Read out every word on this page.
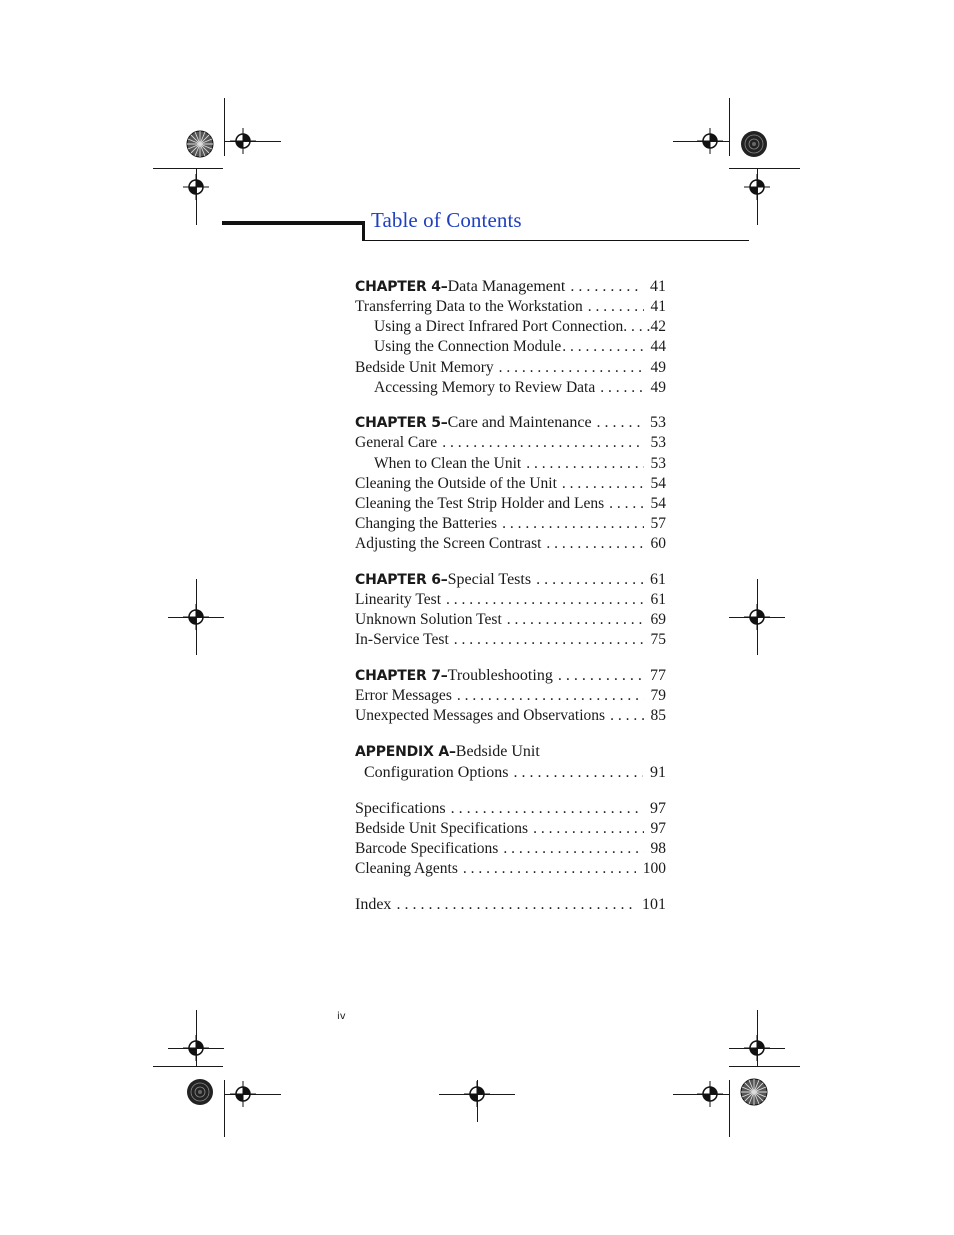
Table of Contents
CHAPTER 4–Data Management . . .	41
Transferring Data to the Workstation . . .	41
Using a Direct Infrared Port Connection . . . 42
Using the Connection Module . . .	44
Bedside Unit Memory . . .	49
Accessing Memory to Review Data . . .	49
CHAPTER 5–Care and Maintenance . . .	53
General Care . . .	53
When to Clean the Unit . . .	53
Cleaning the Outside of the Unit . . .	54
Cleaning the Test Strip Holder and Lens . . .	54
Changing the Batteries . . .	57
Adjusting the Screen Contrast . . .	60
CHAPTER 6–Special Tests . . .	61
Linearity Test . . .	61
Unknown Solution Test . . .	69
In-Service Test . . .	75
CHAPTER 7–Troubleshooting . . .	77
Error Messages . . .	79
Unexpected Messages and Observations . . .	85
APPENDIX A–Bedside Unit
Configuration Options . . .	91
Specifications . . .	97
Bedside Unit Specifications . . .	97
Barcode Specifications . . .	98
Cleaning Agents . . .	100
Index . . .	101
iv
